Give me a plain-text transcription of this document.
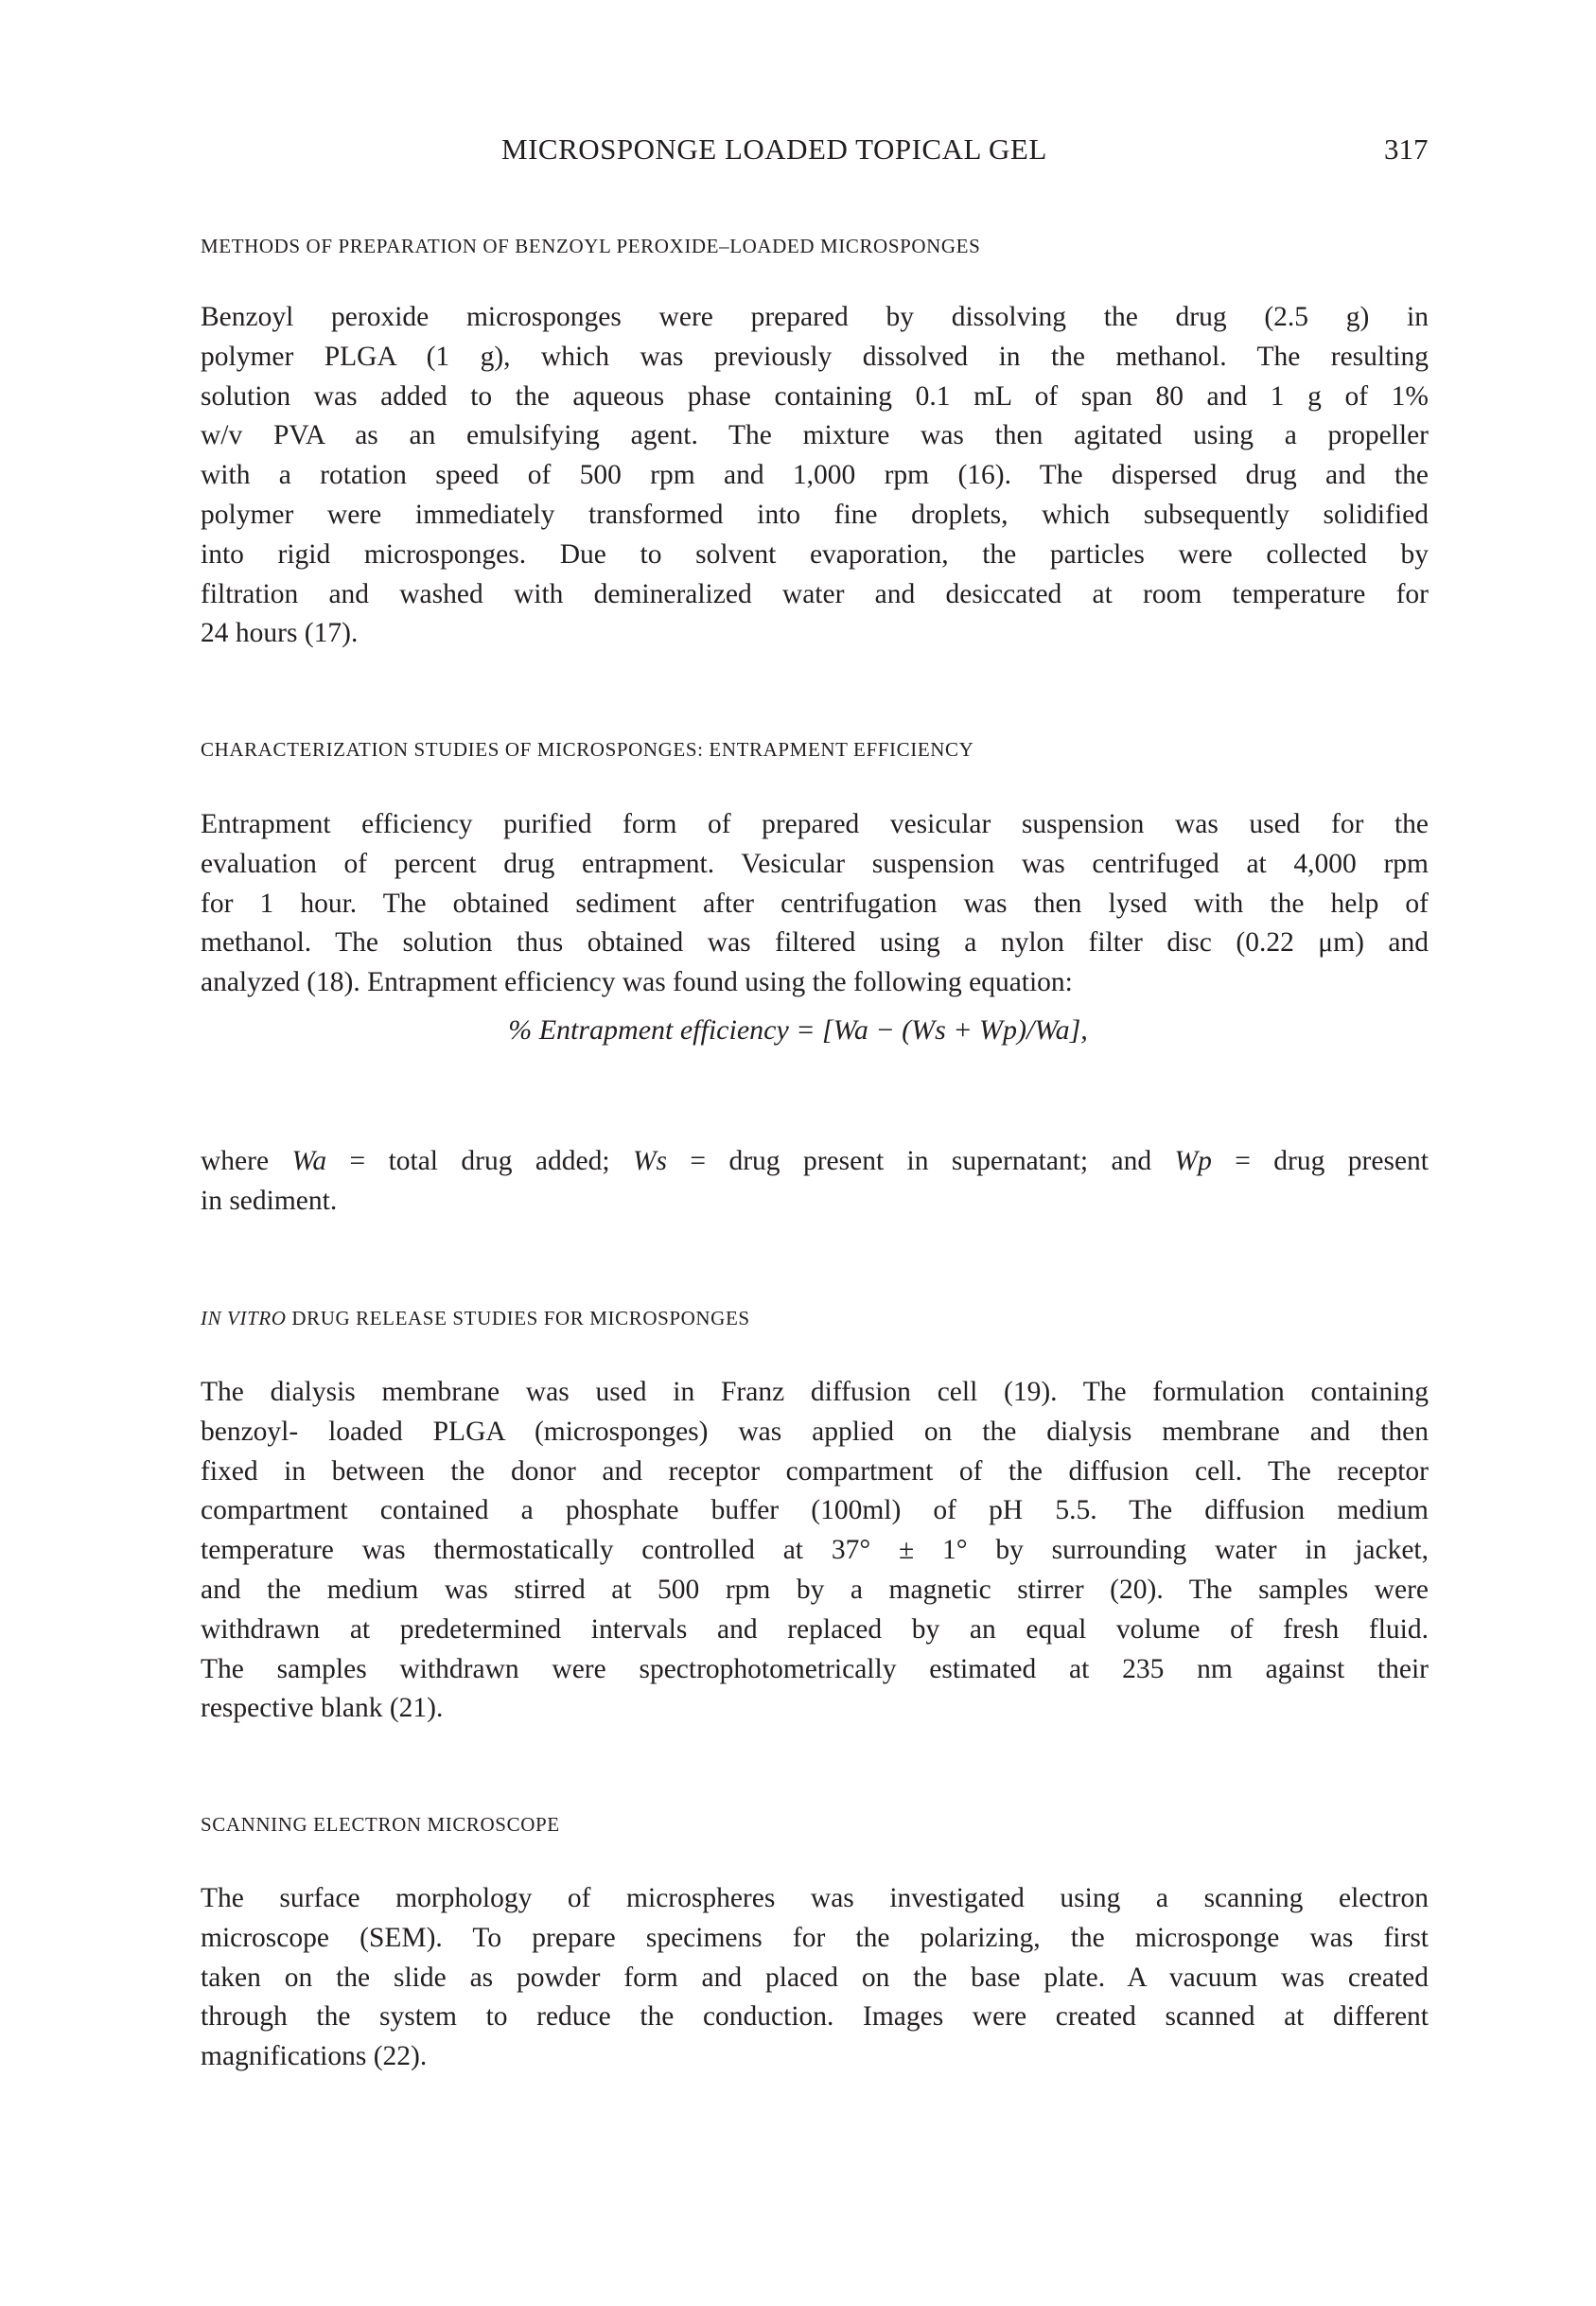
MICROSPONGE LOADED TOPICAL GEL	317
METHODS OF PREPARATION OF BENZOYL PEROXIDE–LOADED MICROSPONGES
Benzoyl peroxide microsponges were prepared by dissolving the drug (2.5 g) in
polymer PLGA (1 g), which was previously dissolved in the methanol. The resulting
solution was added to the aqueous phase containing 0.1 mL of span 80 and 1 g of 1%
w/v PVA as an emulsifying agent. The mixture was then agitated using a propeller
with a rotation speed of 500 rpm and 1,000 rpm (16). The dispersed drug and the
polymer were immediately transformed into fine droplets, which subsequently solidified
into rigid microsponges. Due to solvent evaporation, the particles were collected by
filtration and washed with demineralized water and desiccated at room temperature for
24 hours (17).
CHARACTERIZATION STUDIES OF MICROSPONGES: ENTRAPMENT EFFICIENCY
Entrapment efficiency purified form of prepared vesicular suspension was used for the
evaluation of percent drug entrapment. Vesicular suspension was centrifuged at 4,000 rpm
for 1 hour. The obtained sediment after centrifugation was then lysed with the help of
methanol. The solution thus obtained was filtered using a nylon filter disc (0.22 μm) and
analyzed (18). Entrapment efficiency was found using the following equation:
% Entrapment efficiency = [Wa − (Ws + Wp)/Wa],
where Wa = total drug added; Ws = drug present in supernatant; and Wp = drug present
in sediment.
IN VITRO DRUG RELEASE STUDIES FOR MICROSPONGES
The dialysis membrane was used in Franz diffusion cell (19). The formulation containing
benzoyl- loaded PLGA (microsponges) was applied on the dialysis membrane and then
fixed in between the donor and receptor compartment of the diffusion cell. The receptor
compartment contained a phosphate buffer (100ml) of pH 5.5. The diffusion medium
temperature was thermostatically controlled at 37° ± 1° by surrounding water in jacket,
and the medium was stirred at 500 rpm by a magnetic stirrer (20). The samples were
withdrawn at predetermined intervals and replaced by an equal volume of fresh fluid.
The samples withdrawn were spectrophotometrically estimated at 235 nm against their
respective blank (21).
SCANNING ELECTRON MICROSCOPE
The surface morphology of microspheres was investigated using a scanning electron
microscope (SEM). To prepare specimens for the polarizing, the microsponge was first
taken on the slide as powder form and placed on the base plate. A vacuum was created
through the system to reduce the conduction. Images were created scanned at different
magnifications (22).
